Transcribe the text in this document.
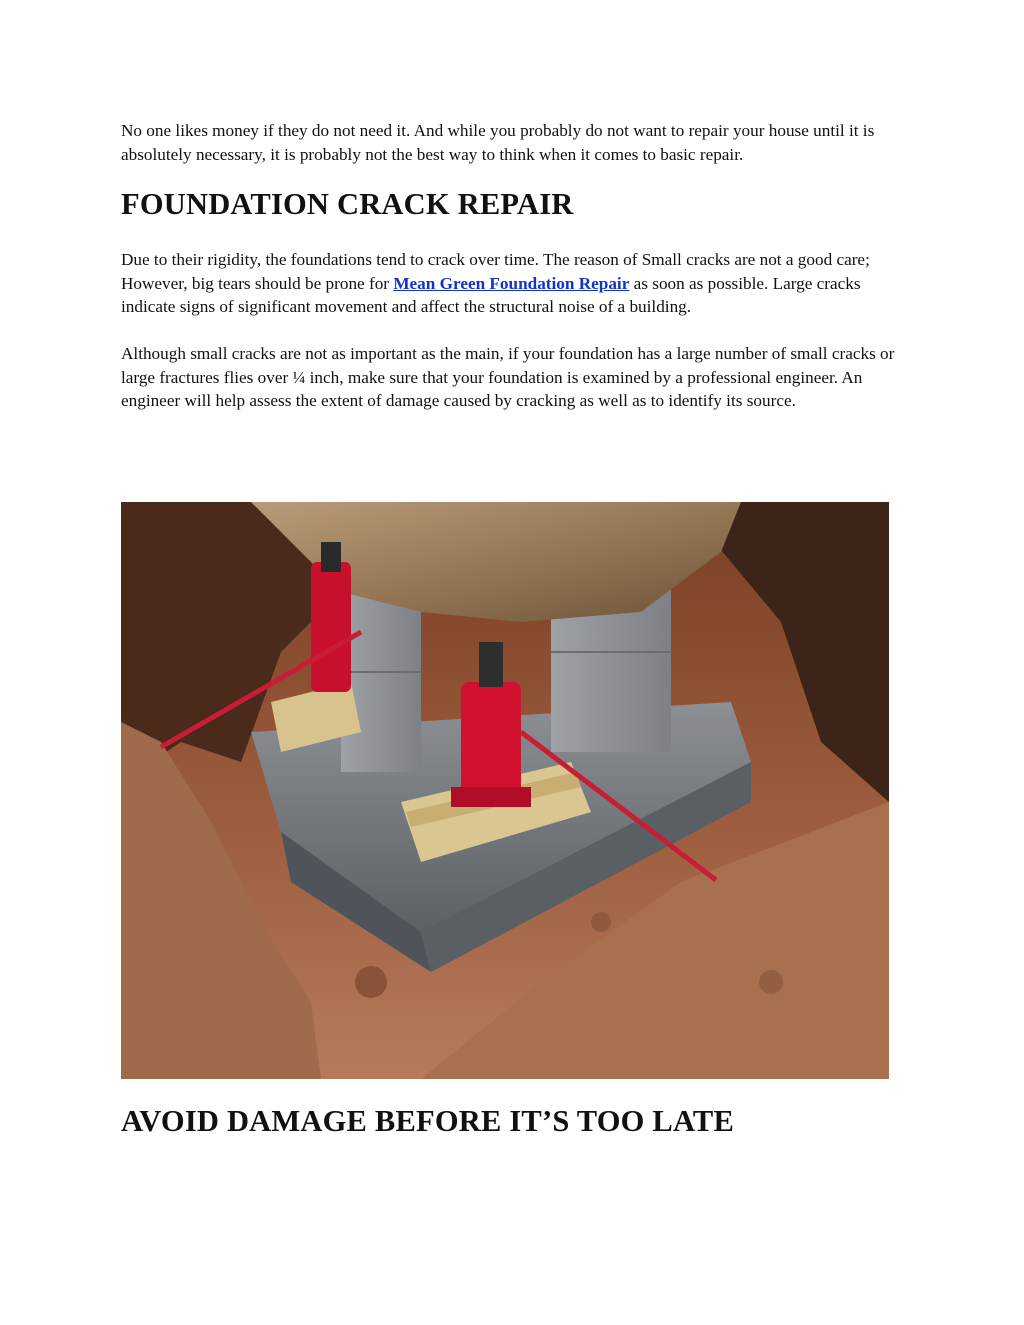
No one likes money if they do not need it. And while you probably do not want to repair your house until it is absolutely necessary, it is probably not the best way to think when it comes to basic repair.

FOUNDATION CRACK REPAIR

Due to their rigidity, the foundations tend to crack over time. The reason of Small cracks are not a good care; However, big tears should be prone for Mean Green Foundation Repair as soon as possible. Large cracks indicate signs of significant movement and affect the structural noise of a building.

Although small cracks are not as important as the main, if your foundation has a large number of small cracks or large fractures flies over ¼ inch, make sure that your foundation is examined by a professional engineer. An engineer will help assess the extent of damage caused by cracking as well as to identify its source.

AVOID DAMAGE BEFORE IT’S TOO LATE
